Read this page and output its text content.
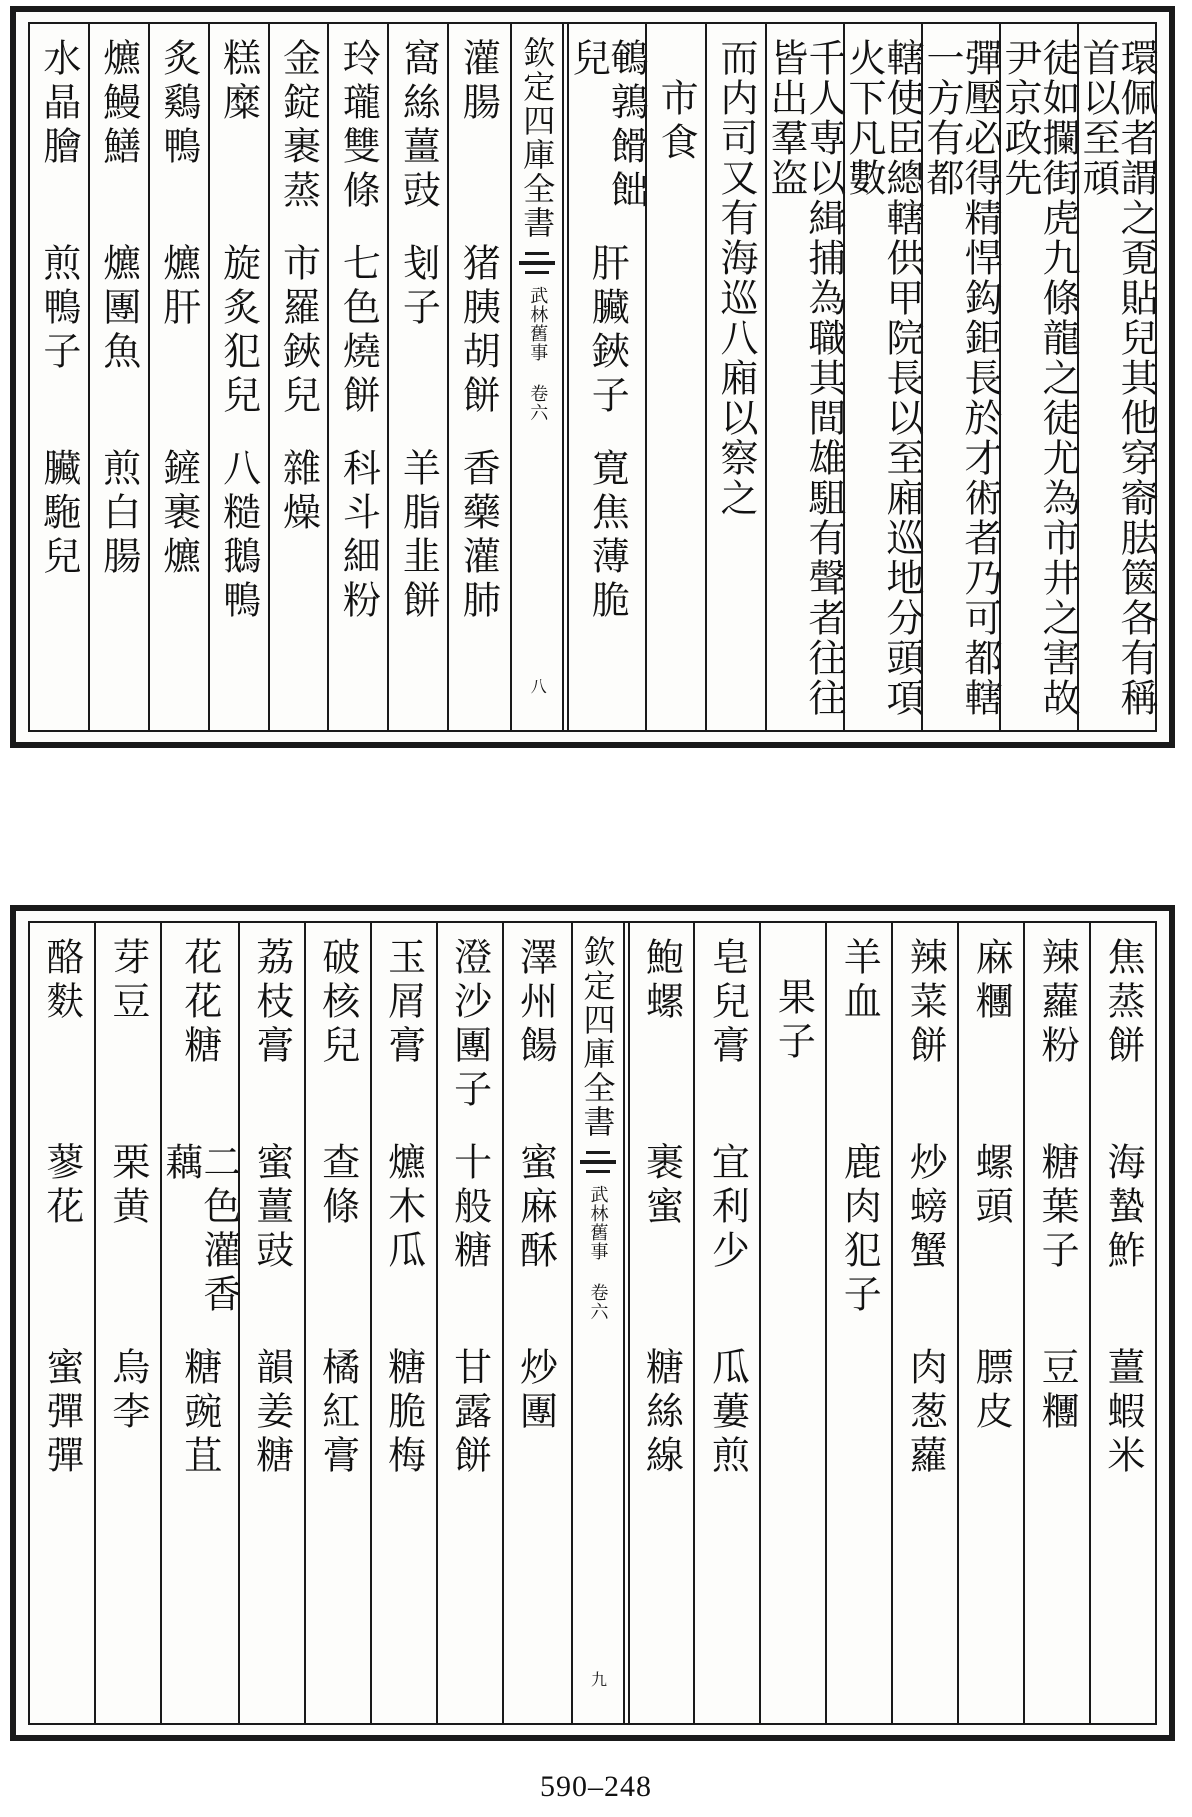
環佩者謂之覔貼兒其他穿窬胠篋各有稱首以至頑
徒如攔街虎九條龍之徒尤為市井之害故尹京政先
彈壓必得精悍鈎鉅長於才術者乃可都轄一方有都
轄使臣總轄供甲院長以至廂巡地分頭項火下凡數
千人専以緝捕為職其間雄駔有聲者往往皆出羣盗
而内司又有海巡八廂以察之
市食
鵪鶉餶飿兒
肝臟鋏子
寛焦薄脆
欽定四庫全書
武林舊事 卷六
八
灌腸
猪胰胡餅
香藥灌肺
窩絲薑豉
刬子
羊脂韭餅
玲瓏雙條
七色燒餅
科斗細粉
金錠裹蒸
市羅鋏兒
雜燥
糕糜
旋炙犯兒
八糙鵝鴨
炙鷄鴨
爊肝
鏟裹爊
爊鰻鱔
爊團魚
煎白腸
水晶膾
煎鴨子
臟駞兒
焦蒸餅
海蟄鮓
薑蝦米
辣蘿粉
糖葉子
豆糰
麻糰
螺頭
膘皮
辣菜餅
炒螃蟹
肉葱蘿
羊血
鹿肉犯子
果子
皂兒膏
宜利少
瓜蔞煎
鮑螺
裹蜜
糖絲線
欽定四庫全書
武林舊事 卷六
九
澤州餳
蜜麻酥
炒團
澄沙團子
十般糖
甘露餅
玉屑膏
爊木瓜
糖脆梅
破核兒
查條
橘紅膏
荔枝膏
蜜薑豉
韻姜糖
花花糖
二色灌香藕
糖豌苴
芽豆
栗黄
烏李
酪麩
蓼花
蜜彈彈
590–248
